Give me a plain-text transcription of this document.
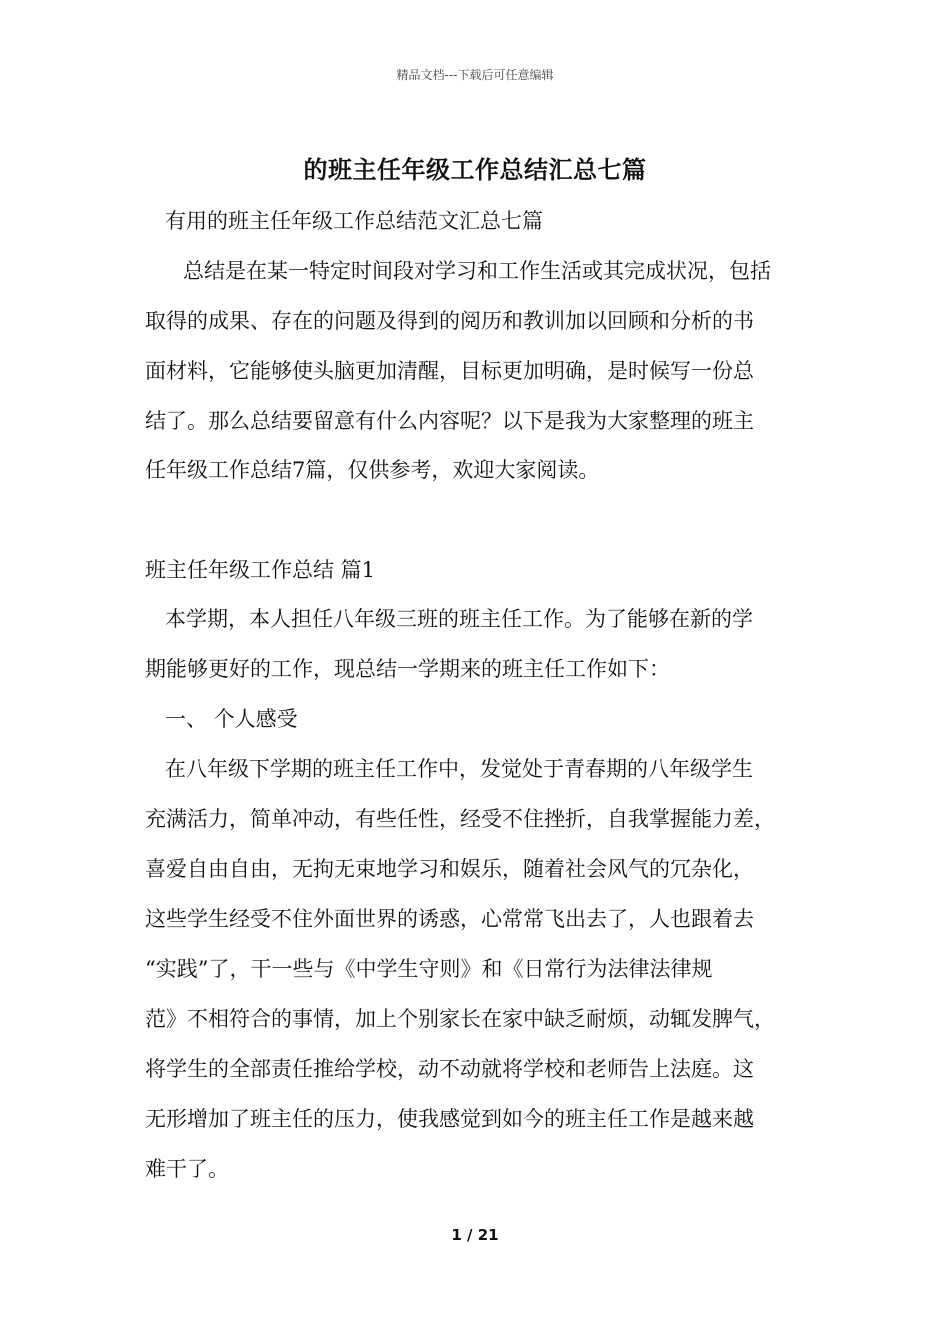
精品文档---下载后可任意编辑
的班主任年级工作总结汇总七篇
有用的班主任年级工作总结范文汇总七篇
总结是在某一特定时间段对学习和工作生活或其完成状况，包括
取得的成果、存在的问题及得到的阅历和教训加以回顾和分析的书
面材料，它能够使头脑更加清醒，目标更加明确，是时候写一份总
结了。那么总结要留意有什么内容呢？以下是我为大家整理的班主
任年级工作总结7篇，仅供参考，欢迎大家阅读。
班主任年级工作总结 篇1
本学期，本人担任八年级三班的班主任工作。为了能够在新的学
期能够更好的工作，现总结一学期来的班主任工作如下：
一、 个人感受
在八年级下学期的班主任工作中，发觉处于青春期的八年级学生
充满活力，简单冲动，有些任性，经受不住挫折，自我掌握能力差，
喜爱自由自由，无拘无束地学习和娱乐，随着社会风气的冗杂化，
这些学生经受不住外面世界的诱惑，心常常飞出去了，人也跟着去
“实践”了，干一些与《中学生守则》和《日常行为法律法律规
范》不相符合的事情，加上个别家长在家中缺乏耐烦，动辄发脾气，
将学生的全部责任推给学校，动不动就将学校和老师告上法庭。这
无形增加了班主任的压力，使我感觉到如今的班主任工作是越来越
难干了。
1 / 21
